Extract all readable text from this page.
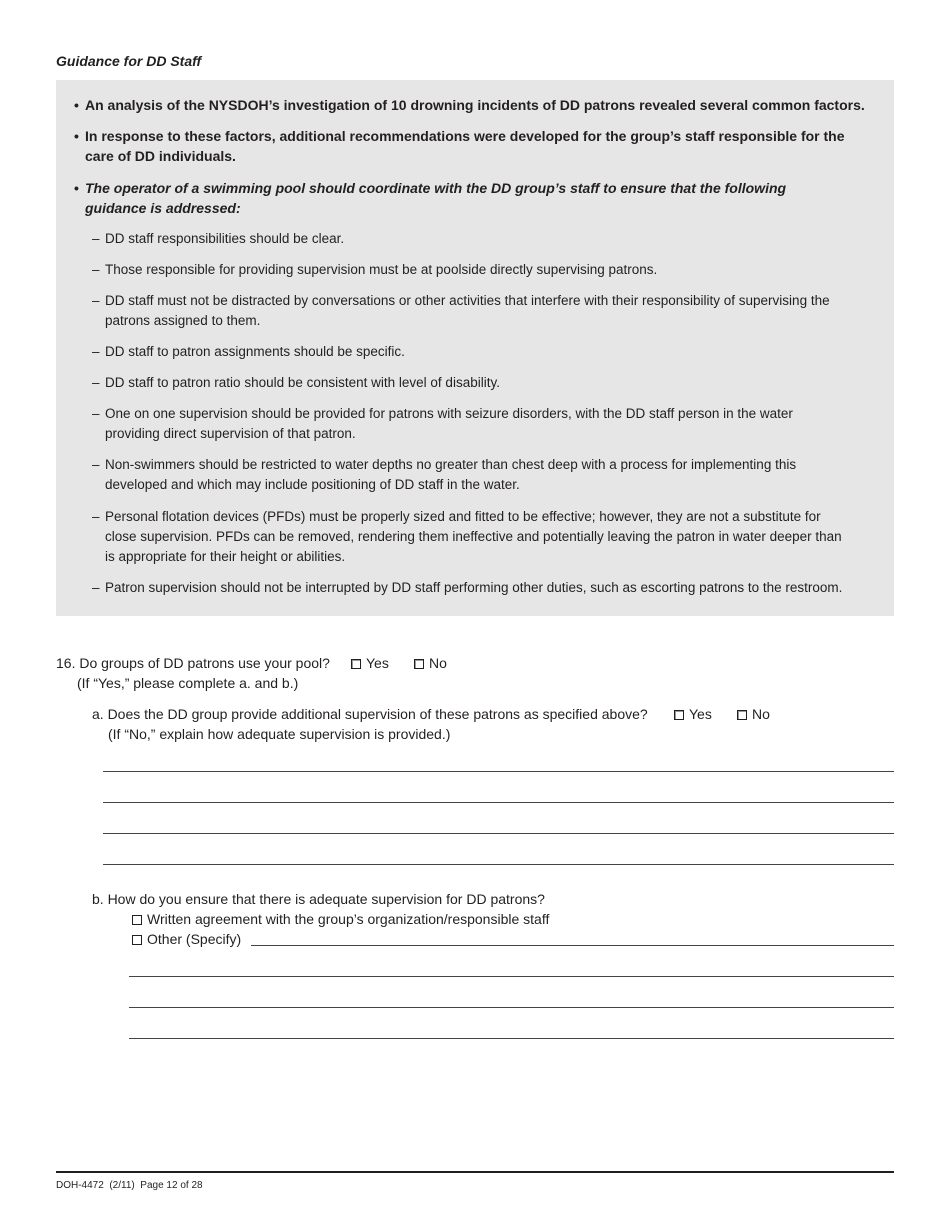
Guidance for DD Staff
• An analysis of the NYSDOH’s investigation of 10 drowning incidents of DD patrons revealed several common factors.
• In response to these factors, additional recommendations were developed for the group’s staff responsible for the care of DD individuals.
• The operator of a swimming pool should coordinate with the DD group’s staff to ensure that the following guidance is addressed:
– DD staff responsibilities should be clear.
– Those responsible for providing supervision must be at poolside directly supervising patrons.
– DD staff must not be distracted by conversations or other activities that interfere with their responsibility of supervising the patrons assigned to them.
– DD staff to patron assignments should be specific.
– DD staff to patron ratio should be consistent with level of disability.
– One on one supervision should be provided for patrons with seizure disorders, with the DD staff person in the water providing direct supervision of that patron.
– Non-swimmers should be restricted to water depths no greater than chest deep with a process for implementing this developed and which may include positioning of DD staff in the water.
– Personal flotation devices (PFDs) must be properly sized and fitted to be effective; however, they are not a substitute for close supervision. PFDs can be removed, rendering them ineffective and potentially leaving the patron in water deeper than is appropriate for their height or abilities.
– Patron supervision should not be interrupted by DD staff performing other duties, such as escorting patrons to the restroom.
16. Do groups of DD patrons use your pool?	Yes	No
(If “Yes,” please complete a. and b.)
a. Does the DD group provide additional supervision of these patrons as specified above?	Yes	No
(If “No,” explain how adequate supervision is provided.)
b. How do you ensure that there is adequate supervision for DD patrons?
Written agreement with the group’s organization/responsible staff
Other (Specify)
DOH-4472  (2/11)  Page 12 of 28
